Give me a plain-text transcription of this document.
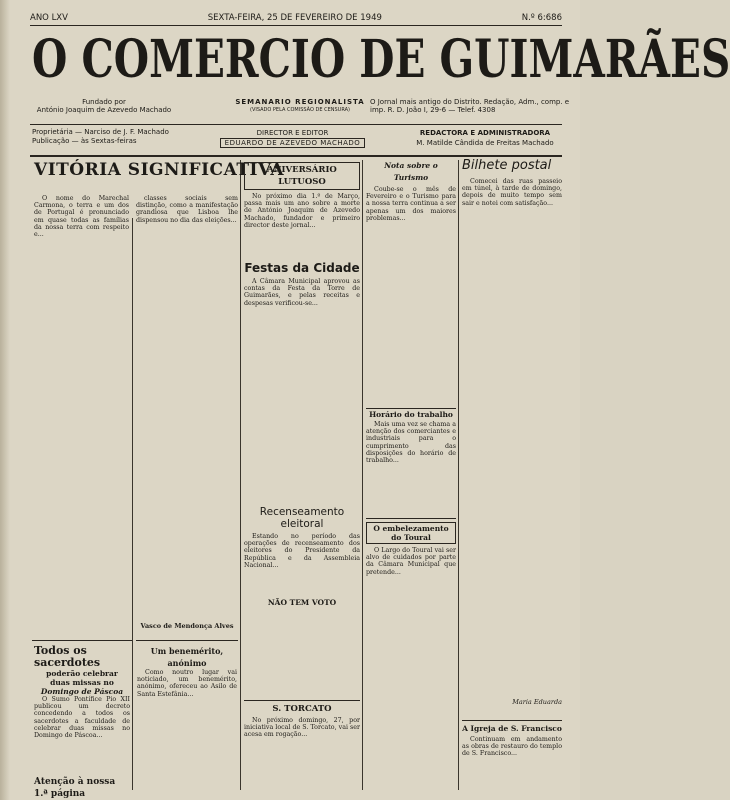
ANO LXV	SEXTA-FEIRA, 25 DE FEVEREIRO DE 1949	N.º 6:686
O COMERCIO DE GUIMARÃES
Fundado por
António Joaquim de Azevedo Machado
SEMANARIO REGIONALISTA
(VISADO PELA COMISSÃO DE CENSURA)
O Jornal mais antigo do Distrito. Redação, Adm., comp. e imp. R. D. João I, 29-6 — Telef. 4308
Proprietária — Narciso de J. F. Machado
Publicação — às Sextas-feiras
DIRECTOR E EDITOR
EDUARDO DE AZEVEDO MACHADO
REDACTORA E ADMINISTRADORA
M. Matilde Cândida de Freitas Machado
VITÓRIA SIGNIFICATIVA

O nome do Marechal Carmona, o terra e um dos de Portugal é pronunciado em quase todas as famílias da nossa terra com respeito e...

classes sociais sem distinção, como a manifestação grandiosa que Lisboa lhe dispensou no dia das eleições...

Vasco de Mendonça Alves
Todos os sacerdotes
poderão celebrar
duas missas no
Domingo de Páscoa

O Sumo Pontífice Pio XII publicou um decreto concedendo a todos os sacerdotes a faculdade de celebrar duas missas no Domingo de Páscoa...

Atenção à nossa 1.ª página
Um benemérito, anónimo

Como noutro lugar vai noticiado, um benemérito, anónimo, ofereceu ao Asilo de Santa Estefânia...

ANIVERSÁRIO LUTUOSO

No próximo dia 1.º de Março, passa mais um ano sobre a morte de António Joaquim de Azevedo Machado, fundador e primeiro director deste jornal...

Festas da Cidade

A Câmara Municipal aprovou as contas da Festa da Torre de Guimarães, e pelas receitas e despesas verificou-se...

Recenseamento eleitoral

Estando no período das operações de recenseamento dos eleitores do Presidente da República e da Assembleia Nacional...

NÃO TEM VOTO
S. TORCATO

No próximo domingo, 27, por iniciativa local de S. Torcato, vai ser acesa em rogação...

Nota sobre o Turismo

Coube-se o mês de Fevereiro e o Turismo para a nossa terra continua a ser apenas um dos maiores problemas...

Horário do trabalho

Mais uma vez se chama a atenção dos comerciantes e industriais para o cumprimento das disposições do horário de trabalho...

O embelezamento do Toural

O Largo do Toural vai ser alvo de cuidados por parte da Câmara Municipal que pretende...

Bilhete postal

Comecei das ruas passeio em túnel, à tarde de domingo, depois de muito tempo sem sair e notei com satisfação...

Maria Eduarda
A Igreja de S. Francisco

Continuam em andamento as obras de restauro do templo de S. Francisco...
